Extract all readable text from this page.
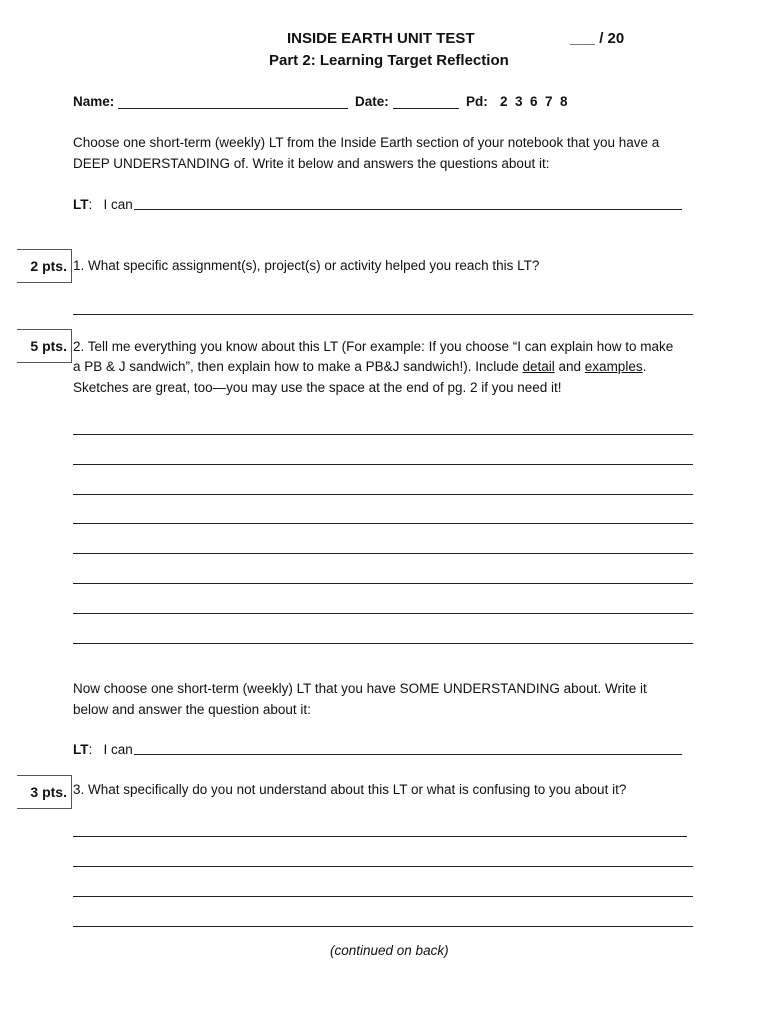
INSIDE EARTH UNIT TEST	___ / 20
Part 2: Learning Target Reflection
Name:	Date:	Pd: 2  3  6  7  8
Choose one short-term (weekly) LT from the Inside Earth section of your notebook that you have a
DEEP UNDERSTANDING of. Write it below and answers the questions about it:
LT:   I can
2 pts. 1. What specific assignment(s), project(s) or activity helped you reach this LT?
5 pts. 2. Tell me everything you know about this LT (For example: If you choose “I can explain how to make
a PB & J sandwich”, then explain how to make a PB&J sandwich!). Include detail and examples.
Sketches are great, too—you may use the space at the end of pg. 2 if you need it!
Now choose one short-term (weekly) LT that you have SOME UNDERSTANDING about. Write it
below and answer the question about it:
LT:   I can
3 pts. 3. What specifically do you not understand about this LT or what is confusing to you about it?
(continued on back)
